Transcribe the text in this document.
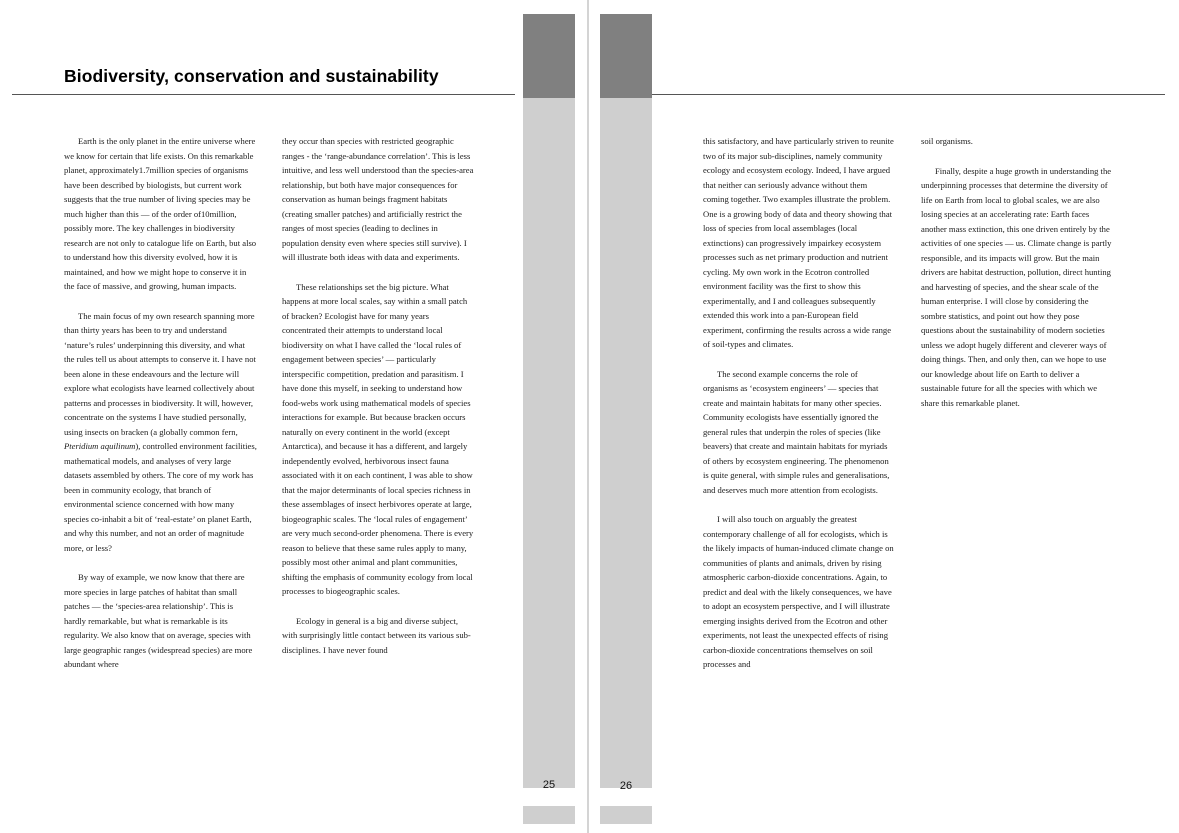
Biodiversity, conservation and sustainability

Earth is the only planet in the entire universe where we know for certain that life exists. On this remarkable planet, approximately1.7million species of organisms have been described by biologists, but current work suggests that the true number of living species may be much higher than this — of the order of10million, possibly more. The key challenges in biodiversity research are not only to catalogue life on Earth, but also to understand how this diversity evolved, how it is maintained, and how we might hope to conserve it in the face of massive, and growing, human impacts.

The main focus of my own research spanning more than thirty years has been to try and understand ‘nature’s rules’ underpinning this diversity, and what the rules tell us about attempts to conserve it. I have not been alone in these endeavours and the lecture will explore what ecologists have learned collectively about patterns and processes in biodiversity. It will, however, concentrate on the systems I have studied personally, using insects on bracken (a globally common fern, Pteridium aquilinum), controlled environment facilities, mathematical models, and analyses of very large datasets assembled by others. The core of my work has been in community ecology, that branch of environmental science concerned with how many species co-inhabit a bit of ‘real-estate’ on planet Earth, and why this number, and not an order of magnitude more, or less?

By way of example, we now know that there are more species in large patches of habitat than small patches — the ‘species-area relationship’. This is hardly remarkable, but what is remarkable is its regularity. We also know that on average, species with large geographic ranges (widespread species) are more abundant where

they occur than species with restricted geographic ranges - the ‘range-abundance correlation’. This is less intuitive, and less well understood than the species-area relationship, but both have major consequences for conservation as human beings fragment habitats (creating smaller patches) and artificially restrict the ranges of most species (leading to declines in population density even where species still survive). I will illustrate both ideas with data and experiments.

These relationships set the big picture. What happens at more local scales, say within a small patch of bracken? Ecologist have for many years concentrated their attempts to understand local biodiversity on what I have called the ‘local rules of engagement between species’ — particularly interspecific competition, predation and parasitism. I have done this myself, in seeking to understand how food-webs work using mathematical models of species interactions for example. But because bracken occurs naturally on every continent in the world (except Antarctica), and because it has a different, and largely independently evolved, herbivorous insect fauna associated with it on each continent, I was able to show that the major determinants of local species richness in these assemblages of insect herbivores operate at large, biogeographic scales. The ‘local rules of engagement’ are very much second-order phenomena. There is every reason to believe that these same rules apply to many, possibly most other animal and plant communities, shifting the emphasis of community ecology from local processes to biogeographic scales.

Ecology in general is a big and diverse subject, with surprisingly little contact between its various sub-disciplines. I have never found

25	26

this satisfactory, and have particularly striven to reunite two of its major sub-disciplines, namely community ecology and ecosystem ecology. Indeed, I have argued that neither can seriously advance without them coming together. Two examples illustrate the problem. One is a growing body of data and theory showing that loss of species from local assemblages (local extinctions) can progressively impairkey ecosystem processes such as net primary production and nutrient cycling. My own work in the Ecotron controlled environment facility was the first to show this experimentally, and I and colleagues subsequently extended this work into a pan-European field experiment, confirming the results across a wide range of soil-types and climates.

The second example concerns the role of organisms as ‘ecosystem engineers’ — species that create and maintain habitats for many other species. Community ecologists have essentially ignored the general rules that underpin the roles of species (like beavers) that create and maintain habitats for myriads of others by ecosystem engineering. The phenomenon is quite general, with simple rules and generalisations, and deserves much more attention from ecologists.

I will also touch on arguably the greatest contemporary challenge of all for ecologists, which is the likely impacts of human-induced climate change on communities of plants and animals, driven by rising atmospheric carbon-dioxide concentrations. Again, to predict and deal with the likely consequences, we have to adopt an ecosystem perspective, and I will illustrate emerging insights derived from the Ecotron and other experiments, not least the unexpected effects of rising carbon-dioxide concentrations themselves on soil processes and

soil organisms.

Finally, despite a huge growth in understanding the underpinning processes that determine the diversity of life on Earth from local to global scales, we are also losing species at an accelerating rate: Earth faces another mass extinction, this one driven entirely by the activities of one species — us. Climate change is partly responsible, and its impacts will grow. But the main drivers are habitat destruction, pollution, direct hunting and harvesting of species, and the shear scale of the human enterprise. I will close by considering the sombre statistics, and point out how they pose questions about the sustainability of modern societies unless we adopt hugely different and cleverer ways of doing things. Then, and only then, can we hope to use our knowledge about life on Earth to deliver a sustainable future for all the species with which we share this remarkable planet.
